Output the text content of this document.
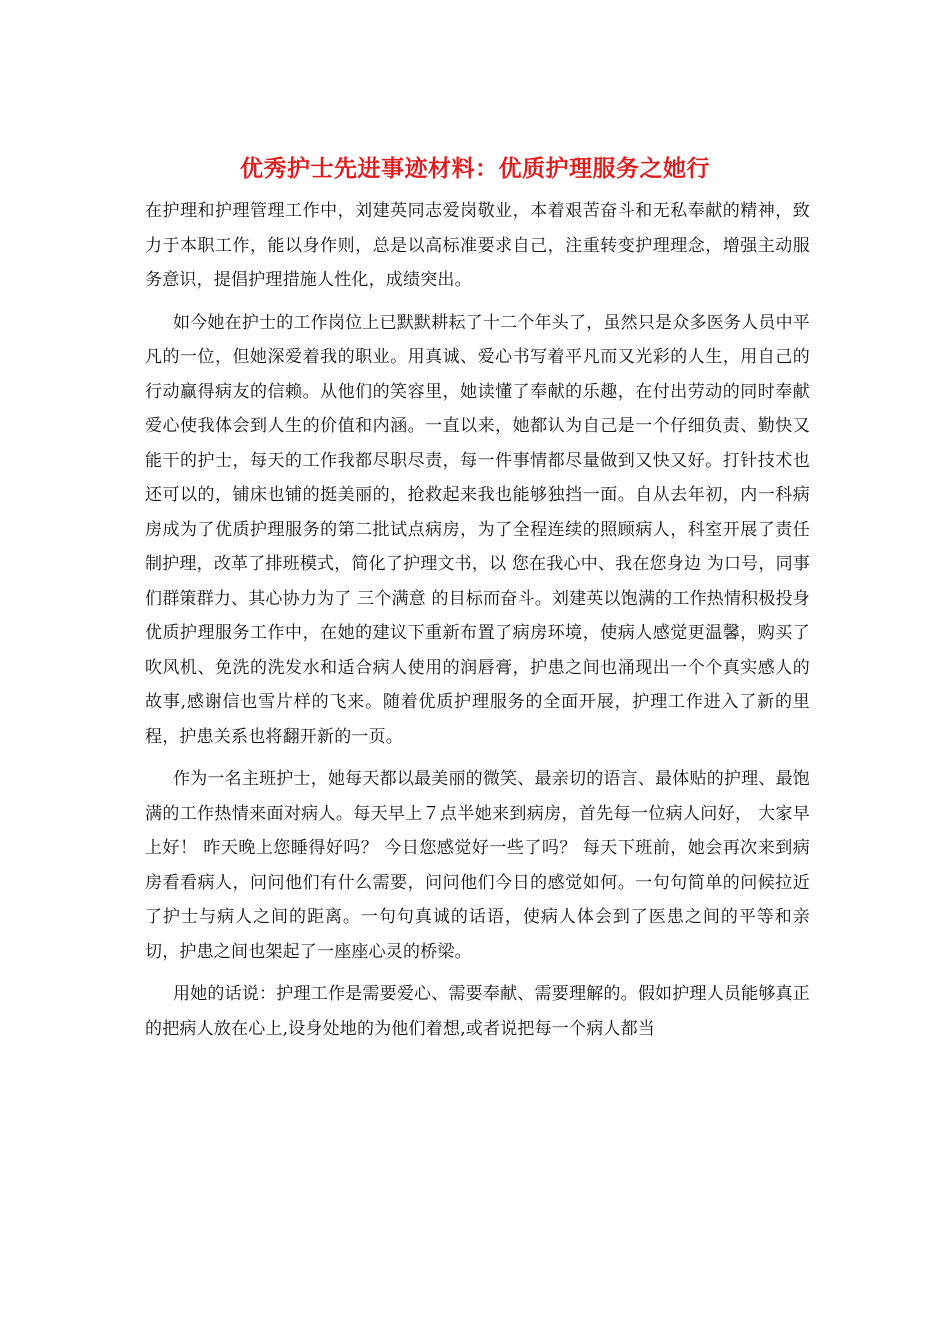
优秀护士先进事迹材料：优质护理服务之她行

在护理和护理管理工作中，刘建英同志爱岗敬业，本着艰苦奋斗和无私奉献的精神，致力于本职工作，能以身作则，总是以高标准要求自己，注重转变护理理念，增强主动服务意识，提倡护理措施人性化，成绩突出。

如今她在护士的工作岗位上已默默耕耘了十二个年头了，虽然只是众多医务人员中平凡的一位，但她深爱着我的职业。用真诚、爱心书写着平凡而又光彩的人生，用自己的行动赢得病友的信赖。从他们的笑容里，她读懂了奉献的乐趣，在付出劳动的同时奉献爱心使我体会到人生的价值和内涵。一直以来，她都认为自己是一个仔细负责、勤快又能干的护士，每天的工作我都尽职尽责，每一件事情都尽量做到又快又好。打针技术也还可以的，铺床也铺的挺美丽的，抢救起来我也能够独挡一面。自从去年初，内一科病房成为了优质护理服务的第二批试点病房，为了全程连续的照顾病人，科室开展了责任制护理，改革了排班模式，简化了护理文书，以 您在我心中、我在您身边 为口号，同事们群策群力、其心协力为了 三个满意 的目标而奋斗。刘建英以饱满的工作热情积极投身优质护理服务工作中，在她的建议下重新布置了病房环境，使病人感觉更温馨，购买了吹风机、免洗的洗发水和适合病人使用的润唇膏，护患之间也涌现出一个个真实感人的故事,感谢信也雪片样的飞来。随着优质护理服务的全面开展，护理工作进入了新的里程，护患关系也将翻开新的一页。

作为一名主班护士，她每天都以最美丽的微笑、最亲切的语言、最体贴的护理、最饱满的工作热情来面对病人。每天早上７点半她来到病房，首先每一位病人问好， 大家早上好！ 昨天晚上您睡得好吗？ 今日您感觉好一些了吗？ 每天下班前，她会再次来到病房看看病人，问问他们有什么需要，问问他们今日的感觉如何。一句句简单的问候拉近了护士与病人之间的距离。一句句真诚的话语，使病人体会到了医患之间的平等和亲切，护患之间也架起了一座座心灵的桥梁。

用她的话说：护理工作是需要爱心、需要奉献、需要理解的。假如护理人员能够真正的把病人放在心上,设身处地的为他们着想,或者说把每一个病人都当
